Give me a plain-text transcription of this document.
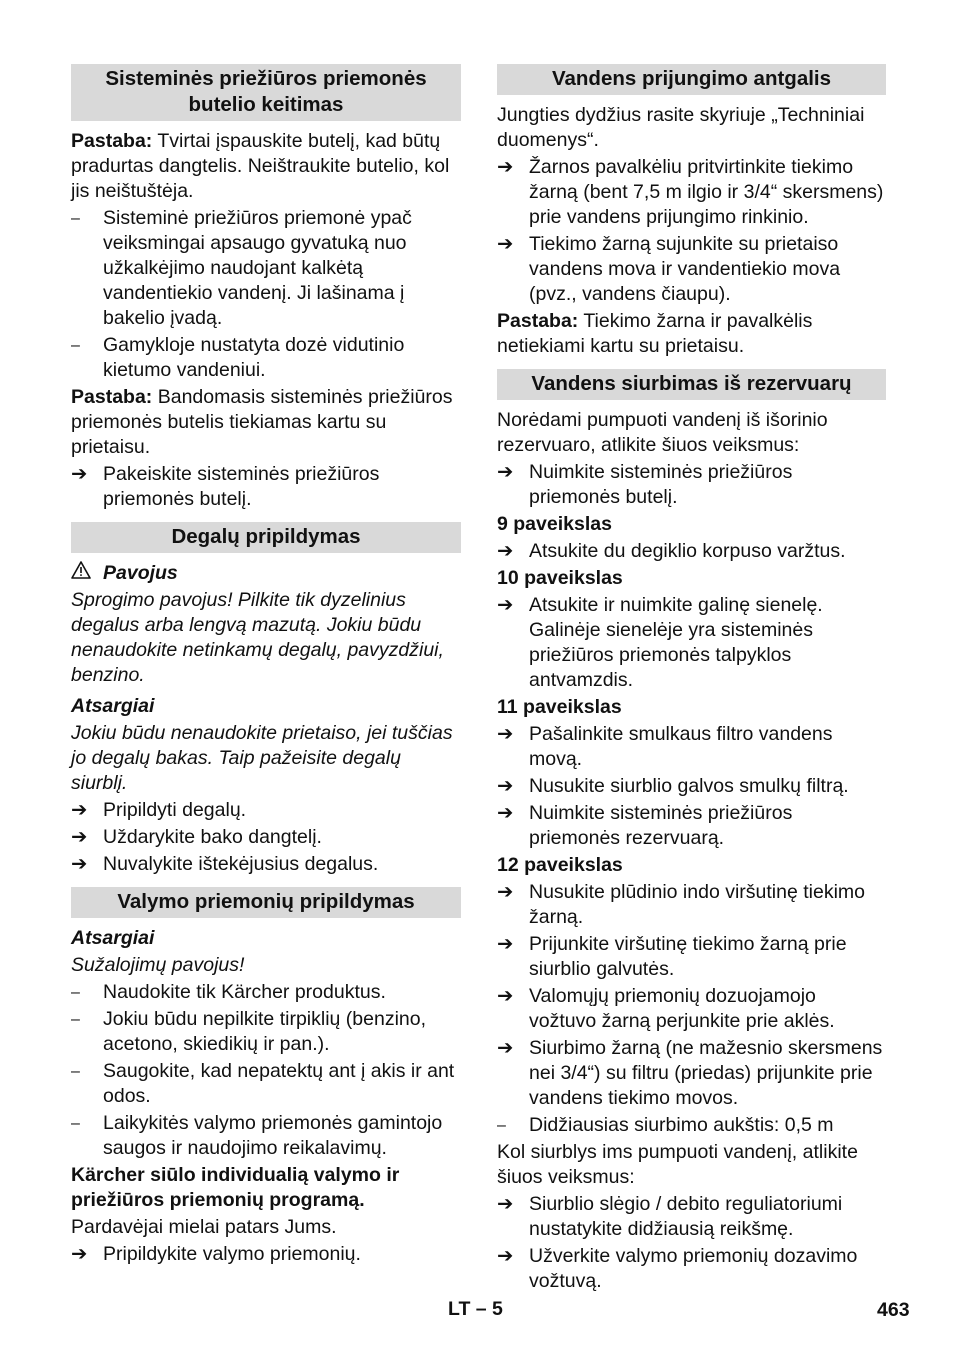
Sisteminės priežiūros priemonės butelio keitimas

Pastaba: Tvirtai įspauskite butelį, kad būtų pradurtas dangtelis. Neištraukite butelio, kol jis neištuštėja.

–	Sisteminė priežiūros priemonė ypač veiksmingai apsaugo gyvatuką nuo užkalkėjimo naudojant kalkėtą vandentiekio vandenį. Ji lašinama į bakelio įvadą.
–	Gamykloje nustatyta dozė vidutinio kietumo vandeniui.

Pastaba: Bandomasis sisteminės priežiūros priemonės butelis tiekiamas kartu su prietaisu.

➔ Pakeiskite sisteminės priežiūros priemonės butelį.
Degalų pripildymas
Pavojus

Sprogimo pavojus! Pilkite tik dyzelinius degalus arba lengvą mazutą. Jokiu būdu nenaudokite netinkamų degalų, pavyzdžiui, benzino.

Atsargiai

Jokiu būdu nenaudokite prietaiso, jei tuščias jo degalų bakas. Taip pažeisite degalų siurblį.

➔ Pripildyti degalų.
➔ Uždarykite bako dangtelį.
➔ Nuvalykite ištekėjusius degalus.
Valymo priemonių pripildymas

Atsargiai

Sužalojimų pavojus!

–	Naudokite tik Kärcher produktus.
–	Jokiu būdu nepilkite tirpiklių (benzino, acetono, skiedikių ir pan.).
–	Saugokite, kad nepatektų ant į akis ir ant odos.
–	Laikykitės valymo priemonės gamintojo saugos ir naudojimo reikalavimų.

Kärcher siūlo individualią valymo ir priežiūros priemonių programą.

Pardavėjai mielai patars Jums.

➔ Pripildykite valymo priemonių.
Vandens prijungimo antgalis

Jungties dydžius rasite skyriuje „Techniniai duomenys“.

➔ Žarnos pavalkėliu pritvirtinkite tiekimo žarną (bent 7,5 m ilgio ir 3/4“ skersmens) prie vandens prijungimo rinkinio.
➔ Tiekimo žarną sujunkite su prietaiso vandens mova ir vandentiekio mova (pvz., vandens čiaupu).

Pastaba: Tiekimo žarna ir pavalkėlis netiekiami kartu su prietaisu.

Vandens siurbimas iš rezervuarų

Norėdami pumpuoti vandenį iš išorinio rezervuaro, atlikite šiuos veiksmus:

➔ Nuimkite sisteminės priežiūros priemonės butelį.

9 paveikslas

➔ Atsukite du degiklio korpuso varžtus.

10 paveikslas

➔ Atsukite ir nuimkite galinę sienelę. Galinėje sienelėje yra sisteminės priežiūros priemonės talpyklos antvamzdis.

11 paveikslas

➔ Pašalinkite smulkaus filtro vandens movą.
➔ Nusukite siurblio galvos smulkų filtrą.
➔ Nuimkite sisteminės priežiūros priemonės rezervuarą.

12 paveikslas

➔ Nusukite plūdinio indo viršutinę tiekimo žarną.
➔ Prijunkite viršutinę tiekimo žarną prie siurblio galvutės.
➔ Valomųjų priemonių dozuojamojo vožtuvo žarną perjunkite prie aklės.
➔ Siurbimo žarną (ne mažesnio skersmens nei 3/4“) su filtru (priedas) prijunkite prie vandens tiekimo movos.
–	Didžiausias siurbimo aukštis: 0,5 m

Kol siurblys ims pumpuoti vandenį, atlikite šiuos veiksmus:

➔ Siurblio slėgio / debito reguliatoriumi nustatykite didžiausią reikšmę.
➔ Užverkite valymo priemonių dozavimo vožtuvą.
LT – 5	463
